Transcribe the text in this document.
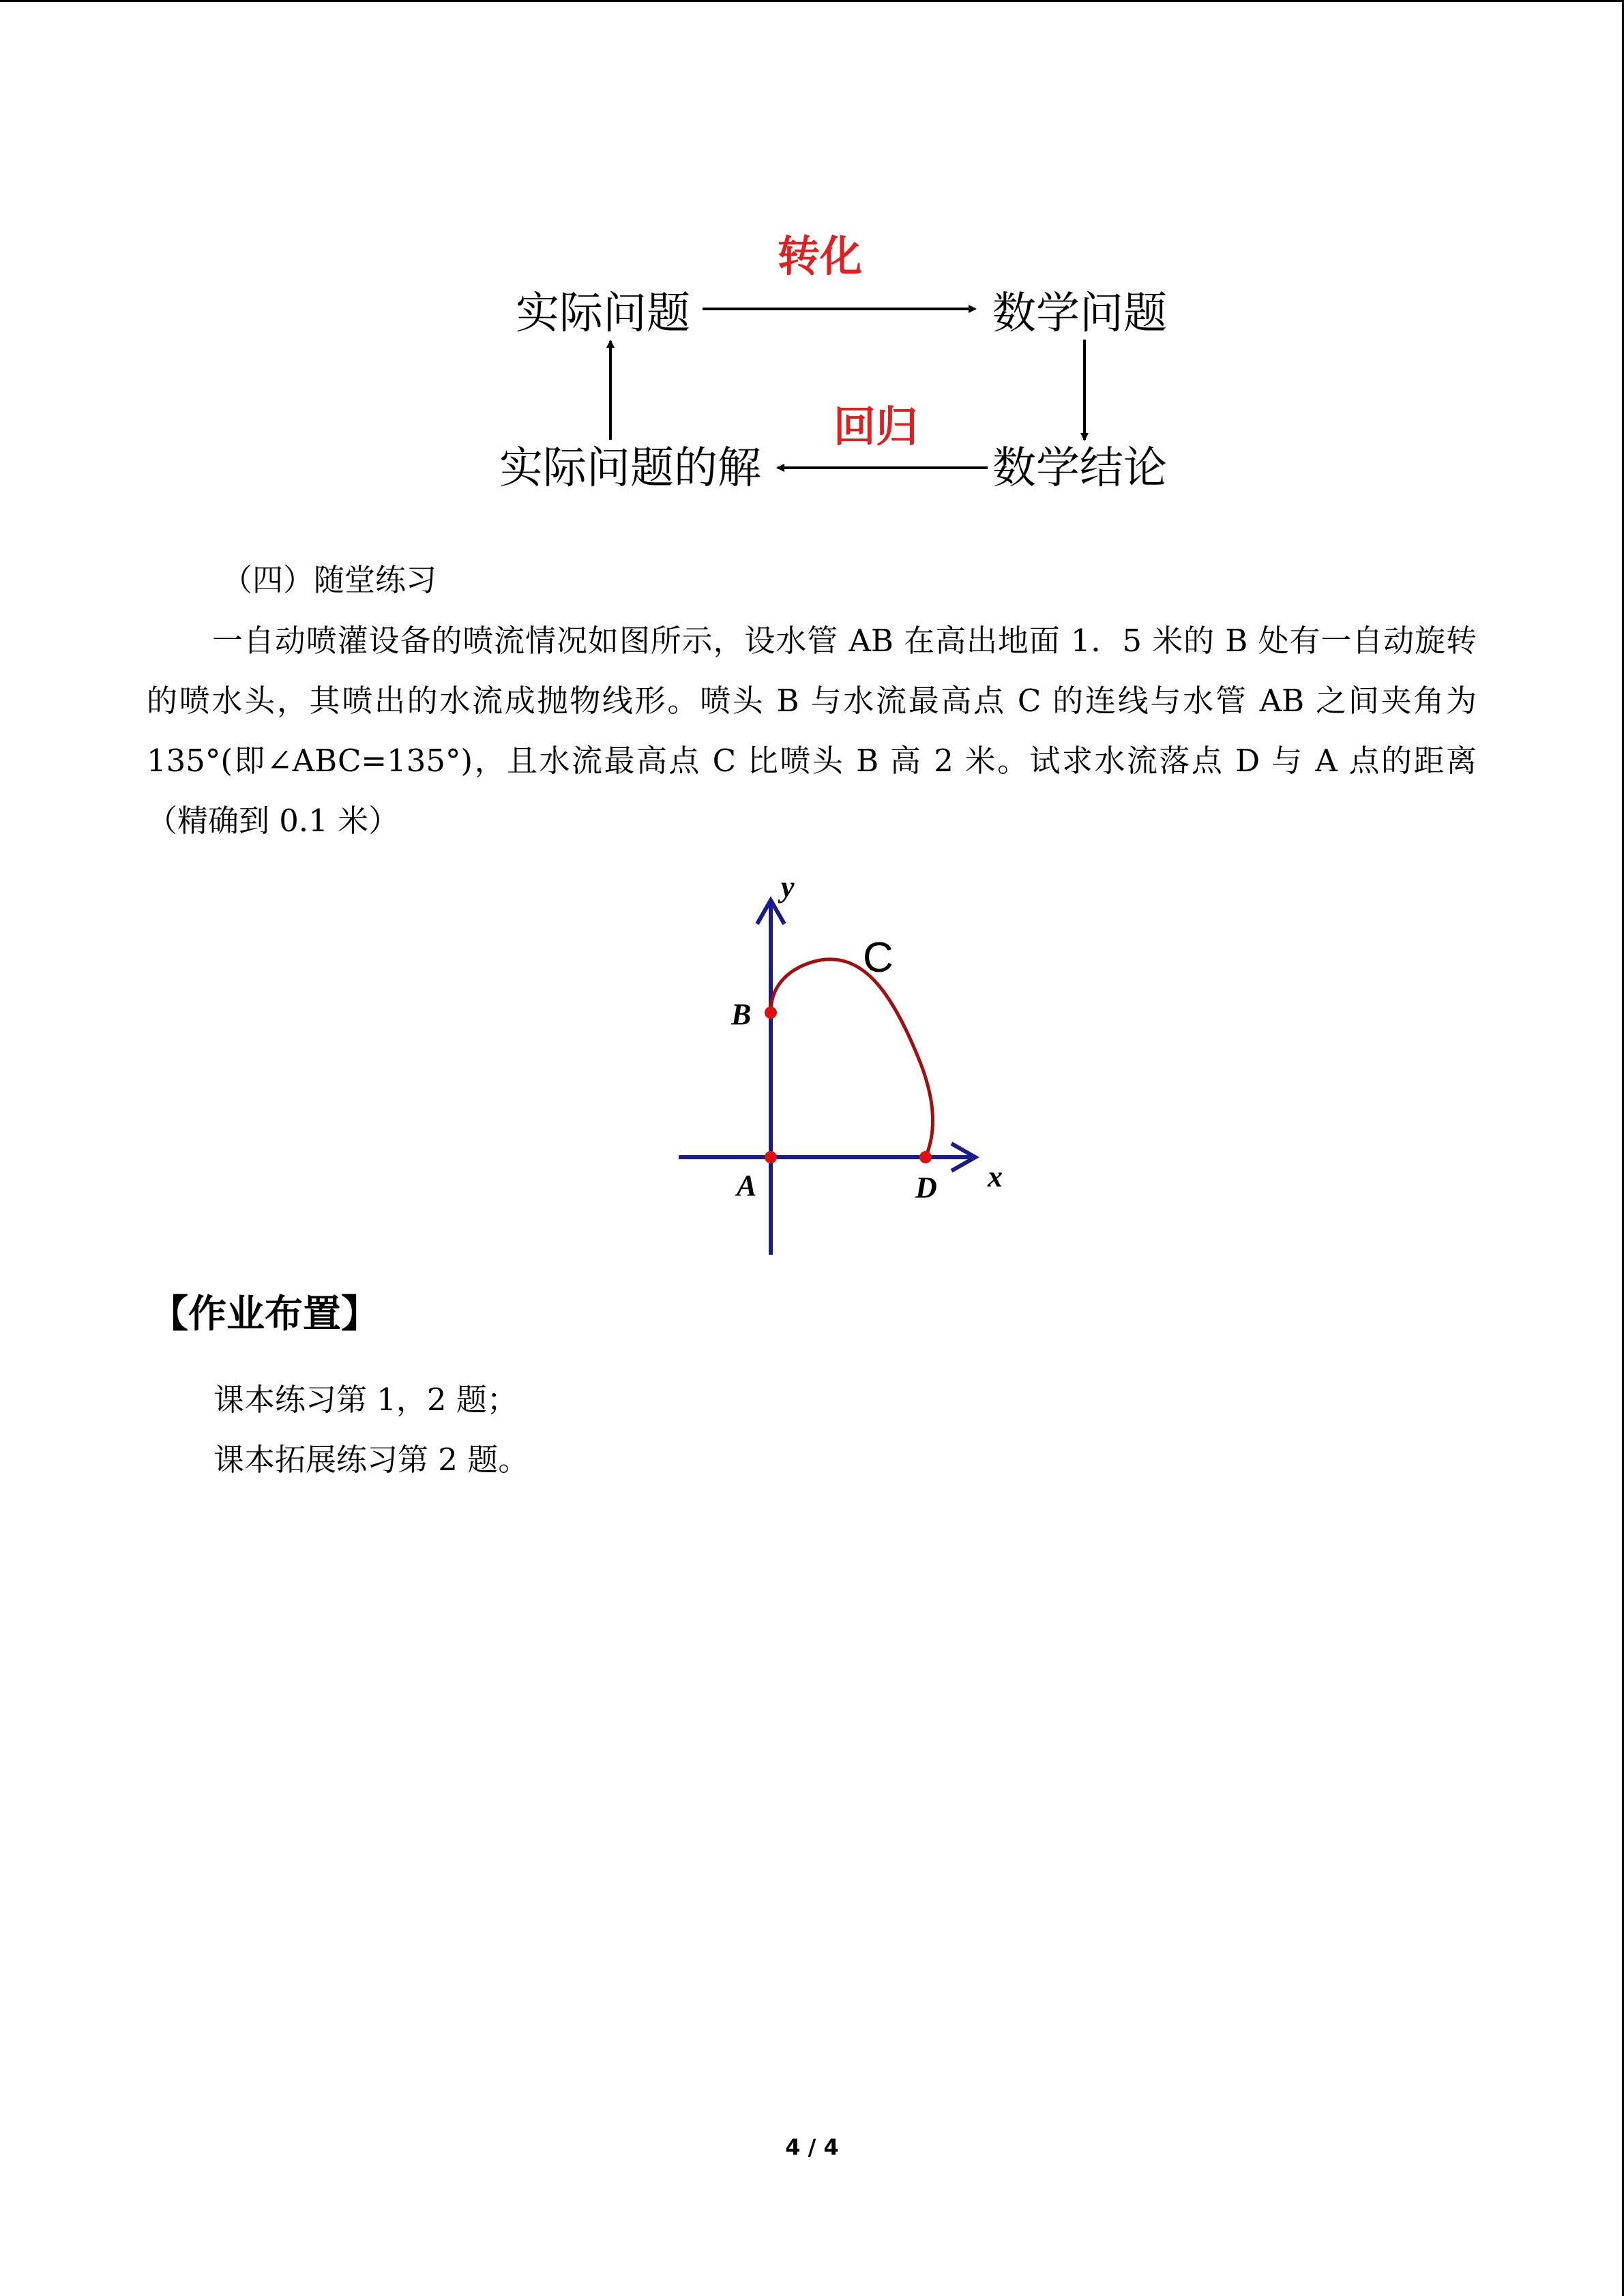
转化
实际问题	数学问题
回归
实际问题的解	数学结论
（四）随堂练习
一自动喷灌设备的喷流情况如图所示，设水管 AB 在高出地面 1．5 米的 B 处有一自动旋转的喷水头，其喷出的水流成抛物线形。喷头 B 与水流最高点 C 的连线与水管 AB 之间夹角为 135°(即∠ABC=135°)，且水流最高点 C 比喷头 B 高 2 米。试求水流落点 D 与 A 点的距离（精确到 0.1 米）
y
C
B
A	D x
【作业布置】
课本练习第 1，2 题；
课本拓展练习第 2 题。
4 / 4
